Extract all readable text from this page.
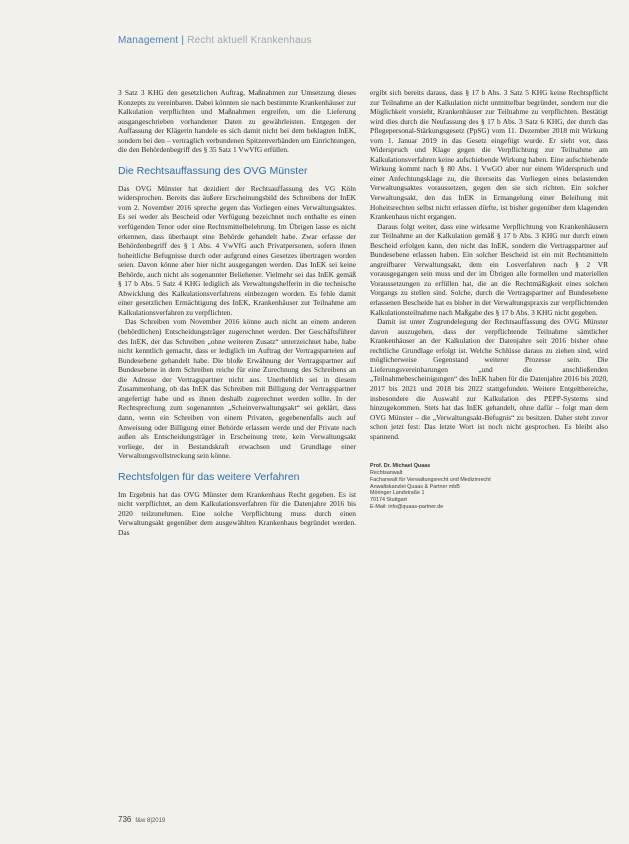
Management | Recht aktuell Krankenhaus

3 Satz 3 KHG den gesetzlichen Auftrag, Maßnahmen zur Umsetzung dieses Konzepts zu vereinbaren. Dabei könnten sie nach bestimmte Krankenhäuser zur Kalkulation verpflichten und Maßnahmen ergreifen, um die Lieferung ausgangeschrieben vorhandener Daten zu gewährleisten. Entgegen der Auffassung der Klägerin handele es sich damit nicht bei dem beklagten InEK, sondern bei den – vertraglich verbundenen Spitzenverbänden um Einrichtungen, die den Behördenbegriff des § 35 Satz 1 VwVfG erfüllen.

Die Rechtsauffassung des OVG Münster

Das OVG Münster hat dezidiert der Rechtsauffassung des VG Köln widersprochen. Bereits das äußere Erscheinungsbild des Schreibens der InEK vom 2. November 2016 spreche gegen das Vorliegen eines Verwaltungsaktes. Es sei weder als Bescheid oder Verfügung bezeichnet noch enthalte es einen verfügenden Tenor oder eine Rechtsmittelbelehrung. Im Übrigen lasse es nicht erkennen, dass überhaupt eine Behörde gehandelt habe. Zwar erfasse der Behördenbegriff des § 1 Abs. 4 VwVfG auch Privatpersonen, sofern ihnen hoheitliche Befugnisse durch oder aufgrund eines Gesetzes übertragen worden seien. Davon könne aber hier nicht ausgegangen werden. Das InEK sei keine Behörde, auch nicht als sogenannter Beliehener. Vielmehr sei das InEK gemäß § 17 b Abs. 5 Satz 4 KHG lediglich als Verwaltungshelferin in die technische Abwicklung des Kalkulationsverfahrens einbezogen worden. Es fehle damit einer gesetzlichen Ermächtigung des InEK, Krankenhäuser zur Teilnahme am Kalkulationsverfahren zu verpflichten.

Das Schreiben vom November 2016 könne auch nicht an einem anderen (behördlichen) Entscheidungsträger zugerechnet werden. Der Geschäftsführer des InEK, der das Schreiben „ohne weiteren Zusatz“ unterzeichnet habe, habe nicht kenntlich gemacht, dass er lediglich im Auftrag der Vertragsparteien auf Bundesebene gehandelt habe. Die bloße Erwähnung der Vertragspartner auf Bundesebene in dem Schreiben reiche für eine Zurechnung des Schreibens an die Adresse der Vertragspartner nicht aus. Unerheblich sei in diesem Zusammenhang, ob das InEK das Schreiben mit Billigung der Vertragspartner angefertigt habe und es ihnen deshalb zugerechnet werden sollte. In der Rechtsprechung zum sogenannten „Scheinverwaltungsakt“ sei geklärt, dass dann, wenn ein Schreiben von einem Privaten, gegebenenfalls auch auf Anweisung oder Billigung einer Behörde erlassen werde und der Private nach außen als Entscheidungsträger in Erscheinung trete, kein Verwaltungsakt vorliege, der in Bestandskraft erwachsen und Grundlage einer Verwaltungsvollstreckung sein könne.

Rechtsfolgen für das weitere Verfahren

Im Ergebnis hat das OVG Münster dem Krankenhaus Recht gegeben. Es ist nicht verpflichtet, an dem Kalkulationsverfahren für die Datenjahre 2016 bis 2020 teilzunehmen. Eine solche Verpflichtung muss durch einen Verwaltungsakt gegenüber dem ausgewählten Krankenhaus begründet werden. Das

ergibt sich bereits daraus, dass § 17 b Abs. 3 Satz 5 KHG keine Rechtspflicht zur Teilnahme an der Kalkulation nicht unmittelbar begründet, sondern nur die Möglichkeit vorsieht, Krankenhäuser zur Teilnahme zu verpflichten. Bestätigt wird dies durch die Neufassung des § 17 b Abs. 3 Satz 6 KHG, der durch das Pflegepersonal-Stärkungsgesetz (PpSG) vom 11. Dezember 2018 mit Wirkung vom 1. Januar 2019 in das Gesetz eingefügt wurde. Er sieht vor, dass Widerspruch und Klage gegen die Verpflichtung zur Teilnahme am Kalkulationsverfahren keine aufschiebende Wirkung haben. Eine aufschiebende Wirkung kommt nach § 80 Abs. 1 VwGO aber nur einem Widerspruch und einer Anfechtungsklage zu, die ihrerseits das Vorliegen eines belastenden Verwaltungsaktes voraussetzen, gegen den sie sich richten. Ein solcher Verwaltungsakt, den das InEK in Ermangelung einer Beleihung mit Hoheitsrechten selbst nicht erlassen dürfte, ist bisher gegenüber dem klagenden Krankenhaus nicht ergangen.

Daraus folgt weiter, dass eine wirksame Verpflichtung von Krankenhäusern zur Teilnahme an der Kalkulation gemäß § 17 b Abs. 3 KHG nur durch einen Bescheid erfolgen kann, den nicht das InEK, sondern die Vertragspartner auf Bundesebene erlassen haben. Ein solcher Bescheid ist ein mit Rechtsmitteln angreifbarer Verwaltungsakt, dem ein Losverfahren nach § 2 VR vorausgegangen sein muss und der im Übrigen alle formellen und materiellen Voraussetzungen zu erfüllen hat, die an die Rechtmäßigkeit eines solchen Vorgangs zu stellen sind. Solche, durch die Vertragspartner auf Bundesebene erlassenen Bescheide hat es bisher in der Verwaltungspraxis zur verpflichtenden Kalkulationsteilnahme nach Maßgabe des § 17 b Abs. 3 KHG nicht gegeben.

Damit ist unter Zugrundelegung der Rechtsauffassung des OVG Münster davon auszugehen, dass der verpflichtende Teilnahme sämtlicher Krankenhäuser an der Kalkulation der Datenjahre seit 2016 bisher ohne rechtliche Grundlage erfolgt ist. Welche Schlüsse daraus zu ziehen sind, wird möglicherweise Gegenstand weiterer Prozesse sein. Die Lieferungsvereinbarungen „und die anschließenden „Teilnahmebescheinigungen“ des InEK haben für die Datenjahre 2016 bis 2020, 2017 bis 2021 und 2018 bis 2022 stattgefunden. Weitere Entgeltbereiche, insbesondere die Auswahl zur Kalkulation des PEPP-Systems sind hinzugekommen. Stets hat das InEK gehandelt, ohne dafür – folgt man dem OVG Münster – die „Verwaltungsakt-Befugnis“ zu besitzen. Daher steht zuvor schon jetzt fest: Das letzte Wort ist noch nicht gesprochen. Es bleibt also spannend.

Prof. Dr. Michael Quaas
Rechtsanwalt
Fachanwalt für Verwaltungsrecht und Medizinrecht
Anwaltskanzlei Quaas & Partner mbB
Möringer Landstraße 1
70174 Stuttgart
E-Mail: info@quaas-partner.de
736 f&w 8|2019
